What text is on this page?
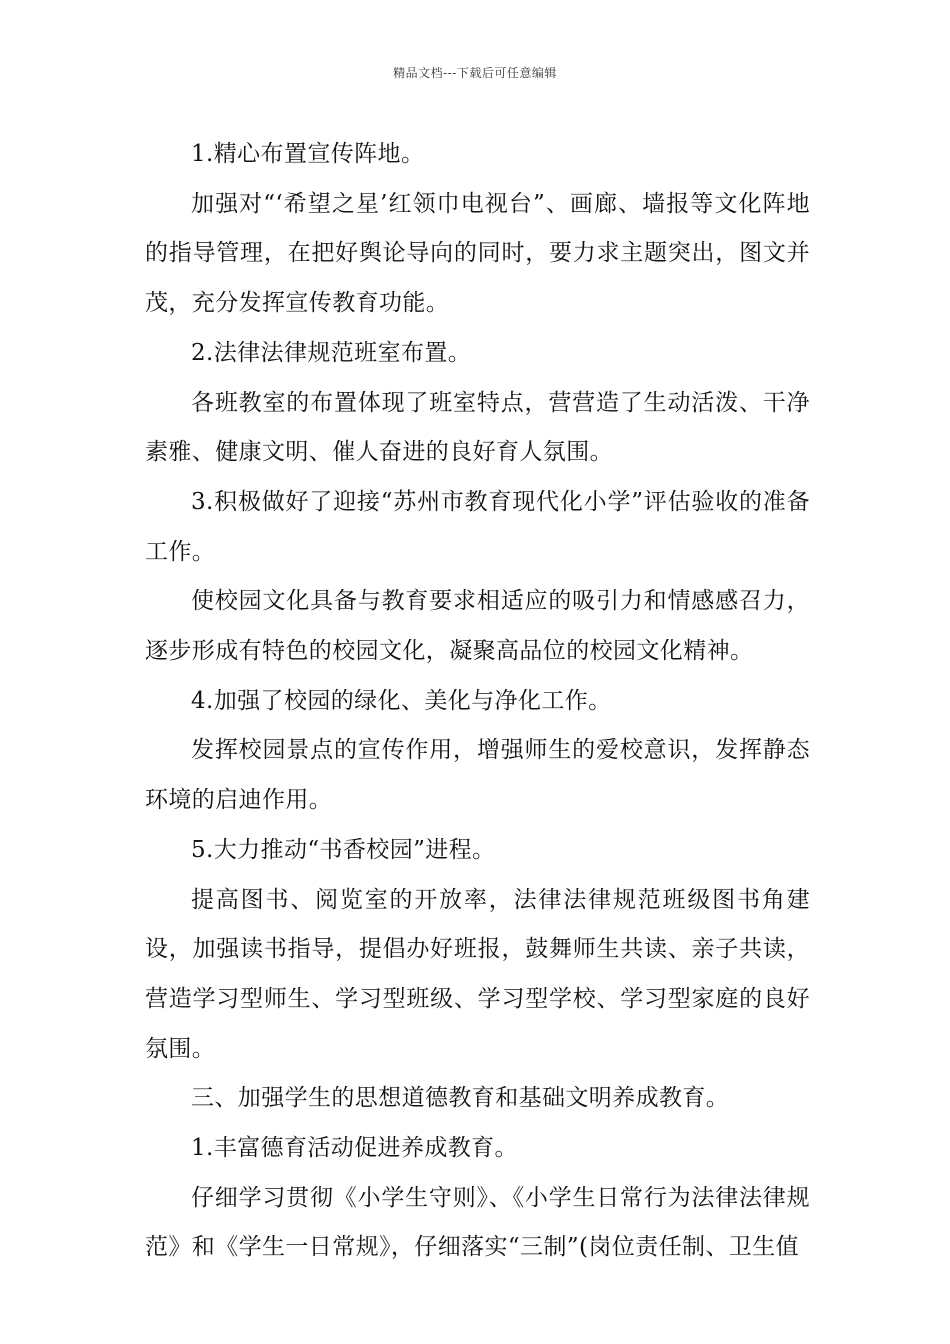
精品文档---下载后可任意编辑

1.精心布置宣传阵地。

加强对“‘希望之星’红领巾电视台”、画廊、墙报等文化阵地的指导管理，在把好舆论导向的同时，要力求主题突出，图文并茂，充分发挥宣传教育功能。

2.法律法律规范班室布置。

各班教室的布置体现了班室特点，营营造了生动活泼、干净素雅、健康文明、催人奋进的良好育人氛围。

3.积极做好了迎接“苏州市教育现代化小学”评估验收的准备工作。

使校园文化具备与教育要求相适应的吸引力和情感感召力，逐步形成有特色的校园文化，凝聚高品位的校园文化精神。

4.加强了校园的绿化、美化与净化工作。

发挥校园景点的宣传作用，增强师生的爱校意识，发挥静态环境的启迪作用。

5.大力推动“书香校园”进程。

提高图书、阅览室的开放率，法律法律规范班级图书角建设，加强读书指导，提倡办好班报，鼓舞师生共读、亲子共读，营造学习型师生、学习型班级、学习型学校、学习型家庭的良好氛围。

三、加强学生的思想道德教育和基础文明养成教育。

1.丰富德育活动促进养成教育。

仔细学习贯彻《小学生守则》、《小学生日常行为法律法律规范》和《学生一日常规》，仔细落实“三制”(岗位责任制、卫生值
